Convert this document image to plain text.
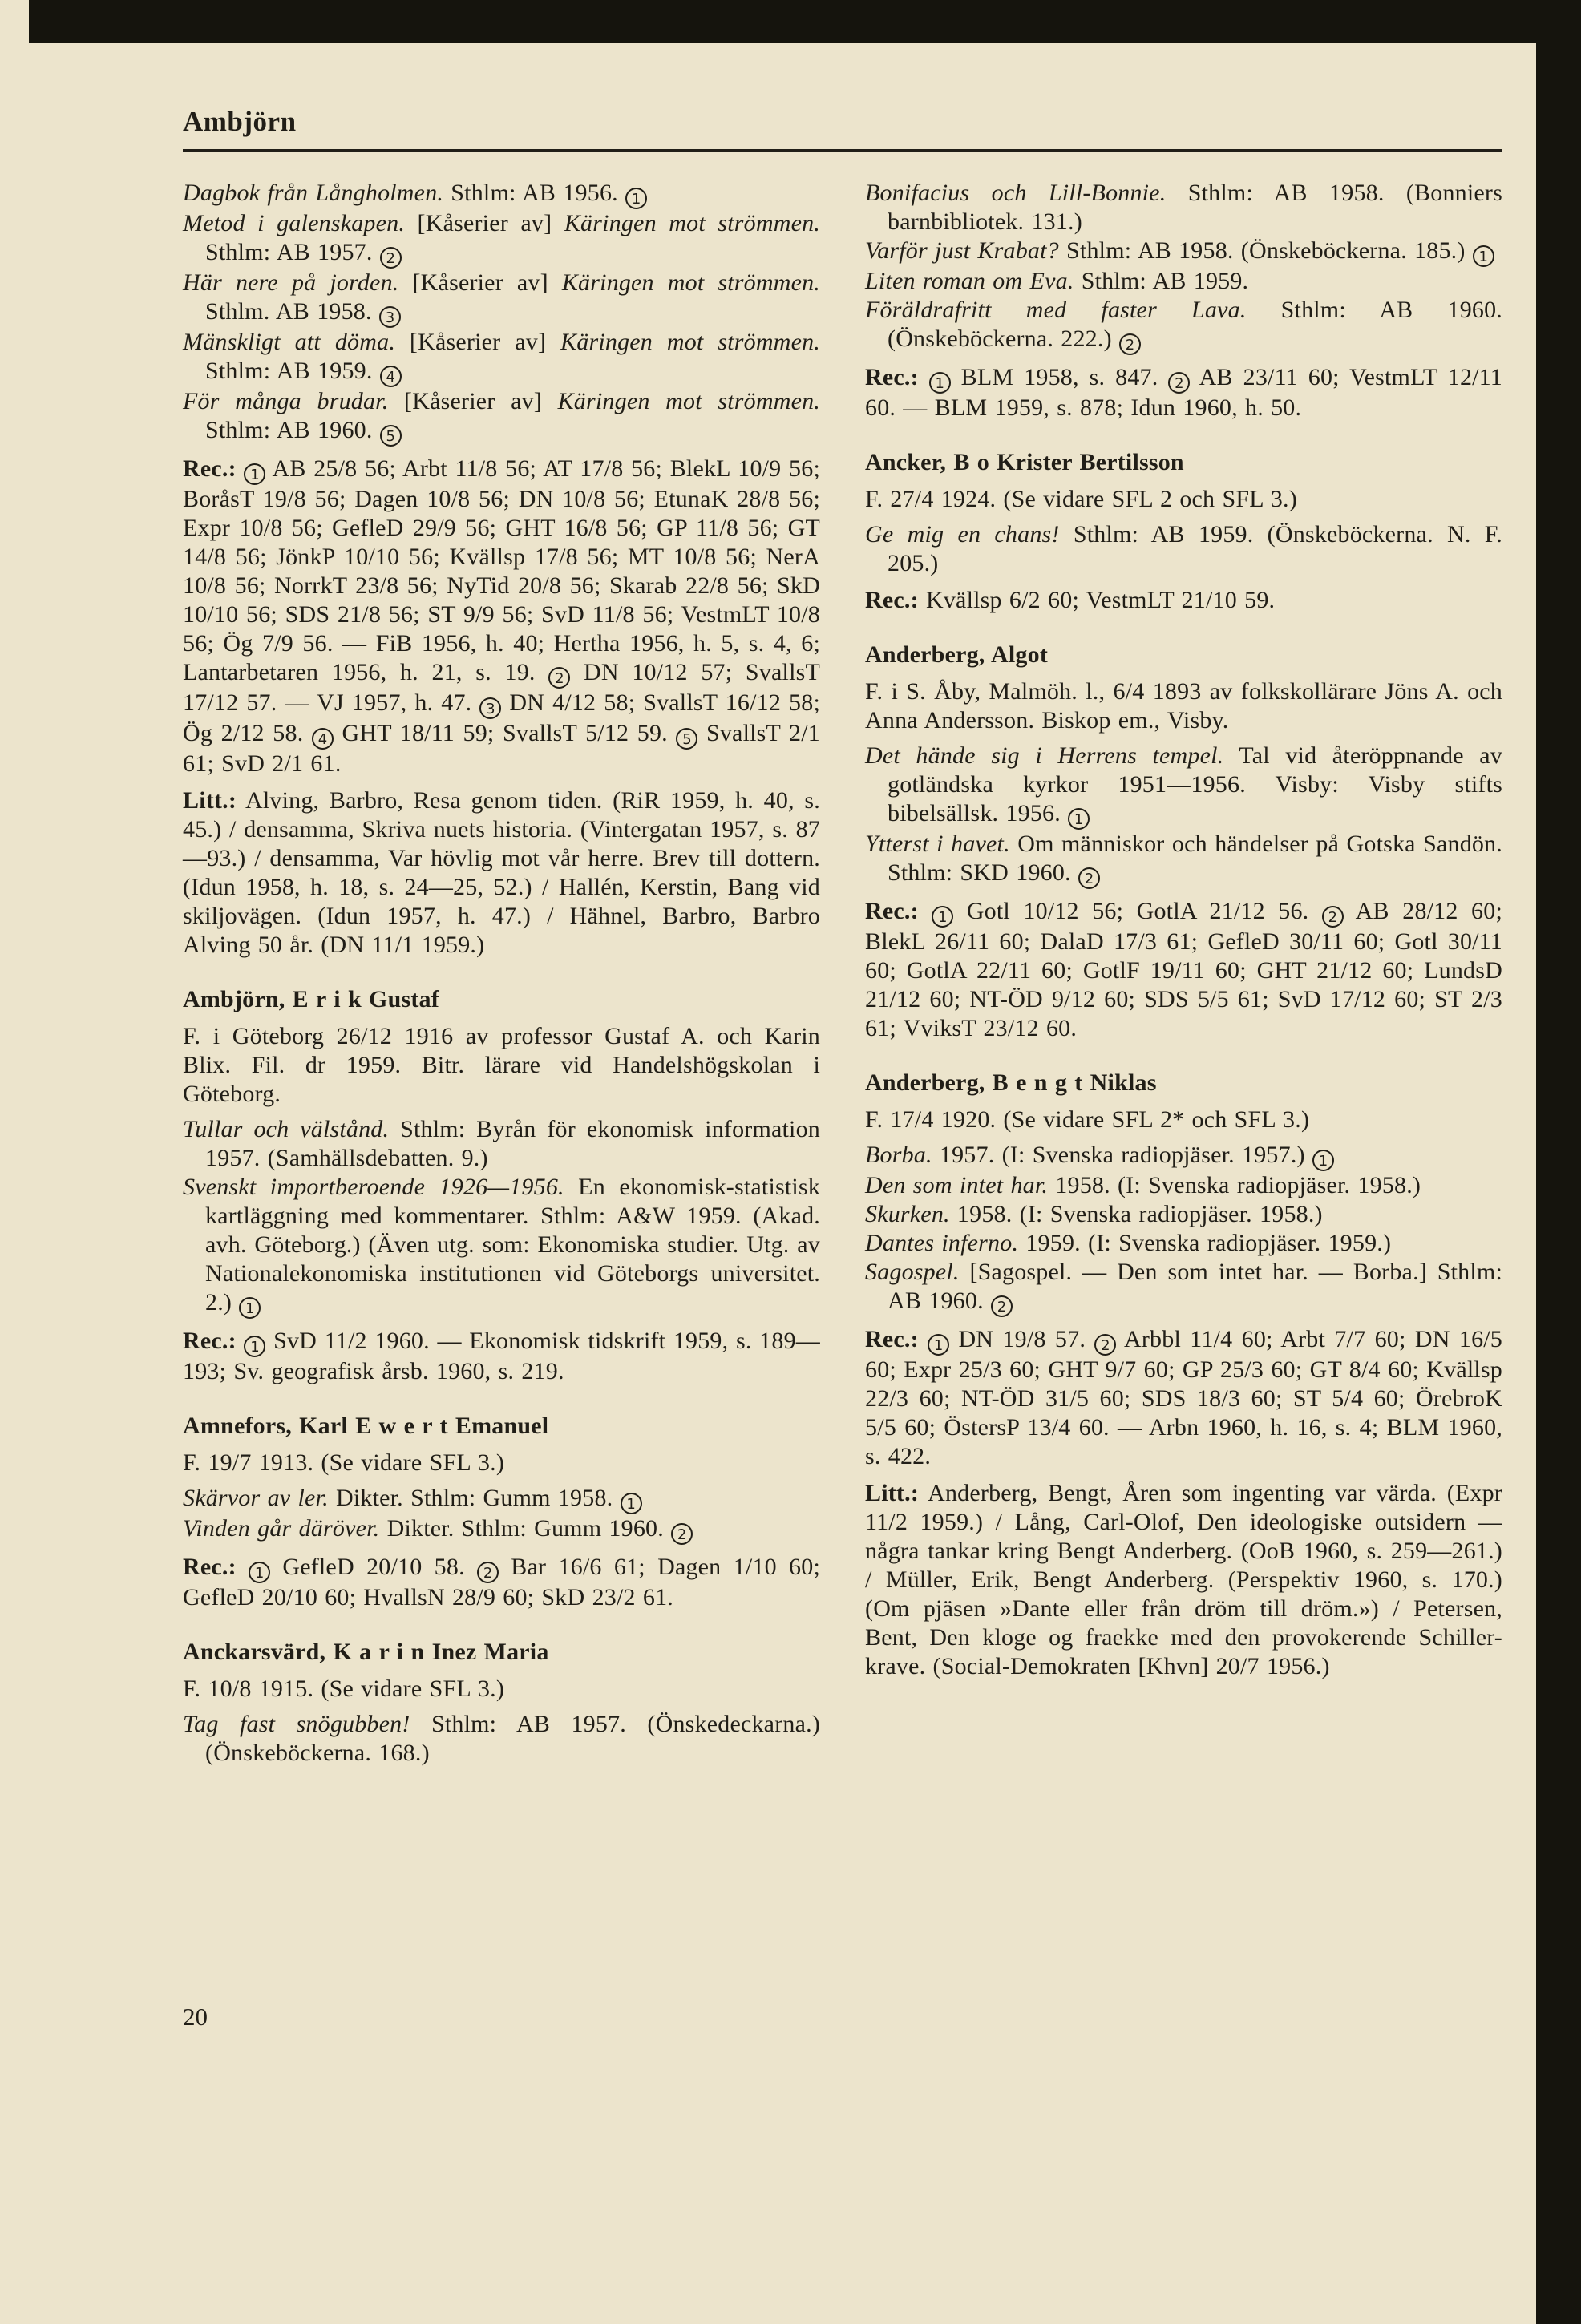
Ambjörn

Dagbok från Långholmen. Sthlm: AB 1956. 1

Metod i galenskapen. [Kåserier av] Käringen mot strömmen. Sthlm: AB 1957. 2

Här nere på jorden. [Kåserier av] Käringen mot strömmen. Sthlm. AB 1958. 3

Mänskligt att döma. [Kåserier av] Käringen mot strömmen. Sthlm: AB 1959. 4

För många brudar. [Kåserier av] Käringen mot strömmen. Sthlm: AB 1960. 5

Rec.: 1 AB 25/8 56; Arbt 11/8 56; AT 17/8 56; BlekL 10/9 56; BoråsT 19/8 56; Dagen 10/8 56; DN 10/8 56; EtunaK 28/8 56; Expr 10/8 56; GefleD 29/9 56; GHT 16/8 56; GP 11/8 56; GT 14/8 56; JönkP 10/10 56; Kvällsp 17/8 56; MT 10/8 56; NerA 10/8 56; NorrkT 23/8 56; NyTid 20/8 56; Skarab 22/8 56; SkD 10/10 56; SDS 21/8 56; ST 9/9 56; SvD 11/8 56; VestmLT 10/8 56; Ög 7/9 56. — FiB 1956, h. 40; Hertha 1956, h. 5, s. 4, 6; Lantarbetaren 1956, h. 21, s. 19. 2 DN 10/12 57; SvallsT 17/12 57. — VJ 1957, h. 47. 3 DN 4/12 58; SvallsT 16/12 58; Ög 2/12 58. 4 GHT 18/11 59; SvallsT 5/12 59. 5 SvallsT 2/1 61; SvD 2/1 61.

Litt.: Alving, Barbro, Resa genom tiden. (RiR 1959, h. 40, s. 45.) / densamma, Skriva nuets historia. (Vintergatan 1957, s. 87—93.) / densamma, Var hövlig mot vår herre. Brev till dottern. (Idun 1958, h. 18, s. 24—25, 52.) / Hallén, Kerstin, Bang vid skiljovägen. (Idun 1957, h. 47.) / Hähnel, Barbro, Barbro Alving 50 år. (DN 11/1 1959.)

Ambjörn, E r i k Gustaf

F. i Göteborg 26/12 1916 av professor Gustaf A. och Karin Blix. Fil. dr 1959. Bitr. lärare vid Handelshögskolan i Göteborg.

Tullar och välstånd. Sthlm: Byrån för ekonomisk information 1957. (Samhällsdebatten. 9.)

Svenskt importberoende 1926—1956. En ekonomisk-statistisk kartläggning med kommentarer. Sthlm: A&W 1959. (Akad. avh. Göteborg.) (Även utg. som: Ekonomiska studier. Utg. av Nationalekonomiska institutionen vid Göteborgs universitet. 2.) 1

Rec.: 1 SvD 11/2 1960. — Ekonomisk tidskrift 1959, s. 189—193; Sv. geografisk årsb. 1960, s. 219.

Amnefors, Karl E w e r t Emanuel

F. 19/7 1913. (Se vidare SFL 3.)

Skärvor av ler. Dikter. Sthlm: Gumm 1958. 1

Vinden går däröver. Dikter. Sthlm: Gumm 1960. 2

Rec.: 1 GefleD 20/10 58. 2 Bar 16/6 61; Dagen 1/10 60; GefleD 20/10 60; HvallsN 28/9 60; SkD 23/2 61.

Anckarsvärd, K a r i n Inez Maria

F. 10/8 1915. (Se vidare SFL 3.)

Tag fast snögubben! Sthlm: AB 1957. (Önskedeckarna.) (Önskeböckerna. 168.)

Bonifacius och Lill-Bonnie. Sthlm: AB 1958. (Bonniers barnbibliotek. 131.)

Varför just Krabat? Sthlm: AB 1958. (Önskeböckerna. 185.) 1

Liten roman om Eva. Sthlm: AB 1959.

Föräldrafritt med faster Lava. Sthlm: AB 1960. (Önskeböckerna. 222.) 2

Rec.: 1 BLM 1958, s. 847. 2 AB 23/11 60; VestmLT 12/11 60. — BLM 1959, s. 878; Idun 1960, h. 50.

Ancker, B o Krister Bertilsson

F. 27/4 1924. (Se vidare SFL 2 och SFL 3.)

Ge mig en chans! Sthlm: AB 1959. (Önskeböckerna. N. F. 205.)

Rec.: Kvällsp 6/2 60; VestmLT 21/10 59.

Anderberg, Algot

F. i S. Åby, Malmöh. l., 6/4 1893 av folkskollärare Jöns A. och Anna Andersson. Biskop em., Visby.

Det hände sig i Herrens tempel. Tal vid återöppnande av gotländska kyrkor 1951—1956. Visby: Visby stifts bibelsällsk. 1956. 1

Ytterst i havet. Om människor och händelser på Gotska Sandön. Sthlm: SKD 1960. 2

Rec.: 1 Gotl 10/12 56; GotlA 21/12 56. 2 AB 28/12 60; BlekL 26/11 60; DalaD 17/3 61; GefleD 30/11 60; Gotl 30/11 60; GotlA 22/11 60; GotlF 19/11 60; GHT 21/12 60; LundsD 21/12 60; NT-ÖD 9/12 60; SDS 5/5 61; SvD 17/12 60; ST 2/3 61; VviksT 23/12 60.

Anderberg, B e n g t Niklas

F. 17/4 1920. (Se vidare SFL 2* och SFL 3.)

Borba. 1957. (I: Svenska radiopjäser. 1957.) 1

Den som intet har. 1958. (I: Svenska radiopjäser. 1958.)

Skurken. 1958. (I: Svenska radiopjäser. 1958.)

Dantes inferno. 1959. (I: Svenska radiopjäser. 1959.)

Sagospel. [Sagospel. — Den som intet har. — Borba.] Sthlm: AB 1960. 2

Rec.: 1 DN 19/8 57. 2 Arbbl 11/4 60; Arbt 7/7 60; DN 16/5 60; Expr 25/3 60; GHT 9/7 60; GP 25/3 60; GT 8/4 60; Kvällsp 22/3 60; NT-ÖD 31/5 60; SDS 18/3 60; ST 5/4 60; ÖrebroK 5/5 60; ÖstersP 13/4 60. — Arbn 1960, h. 16, s. 4; BLM 1960, s. 422.

Litt.: Anderberg, Bengt, Åren som ingenting var värda. (Expr 11/2 1959.) / Lång, Carl-Olof, Den ideologiske outsidern — några tankar kring Bengt Anderberg. (OoB 1960, s. 259—261.) / Müller, Erik, Bengt Anderberg. (Perspektiv 1960, s. 170.) (Om pjäsen »Dante eller från dröm till dröm.») / Petersen, Bent, Den kloge og fraekke med den provokerende Schiller-krave. (Social-Demokraten [Khvn] 20/7 1956.)

20
